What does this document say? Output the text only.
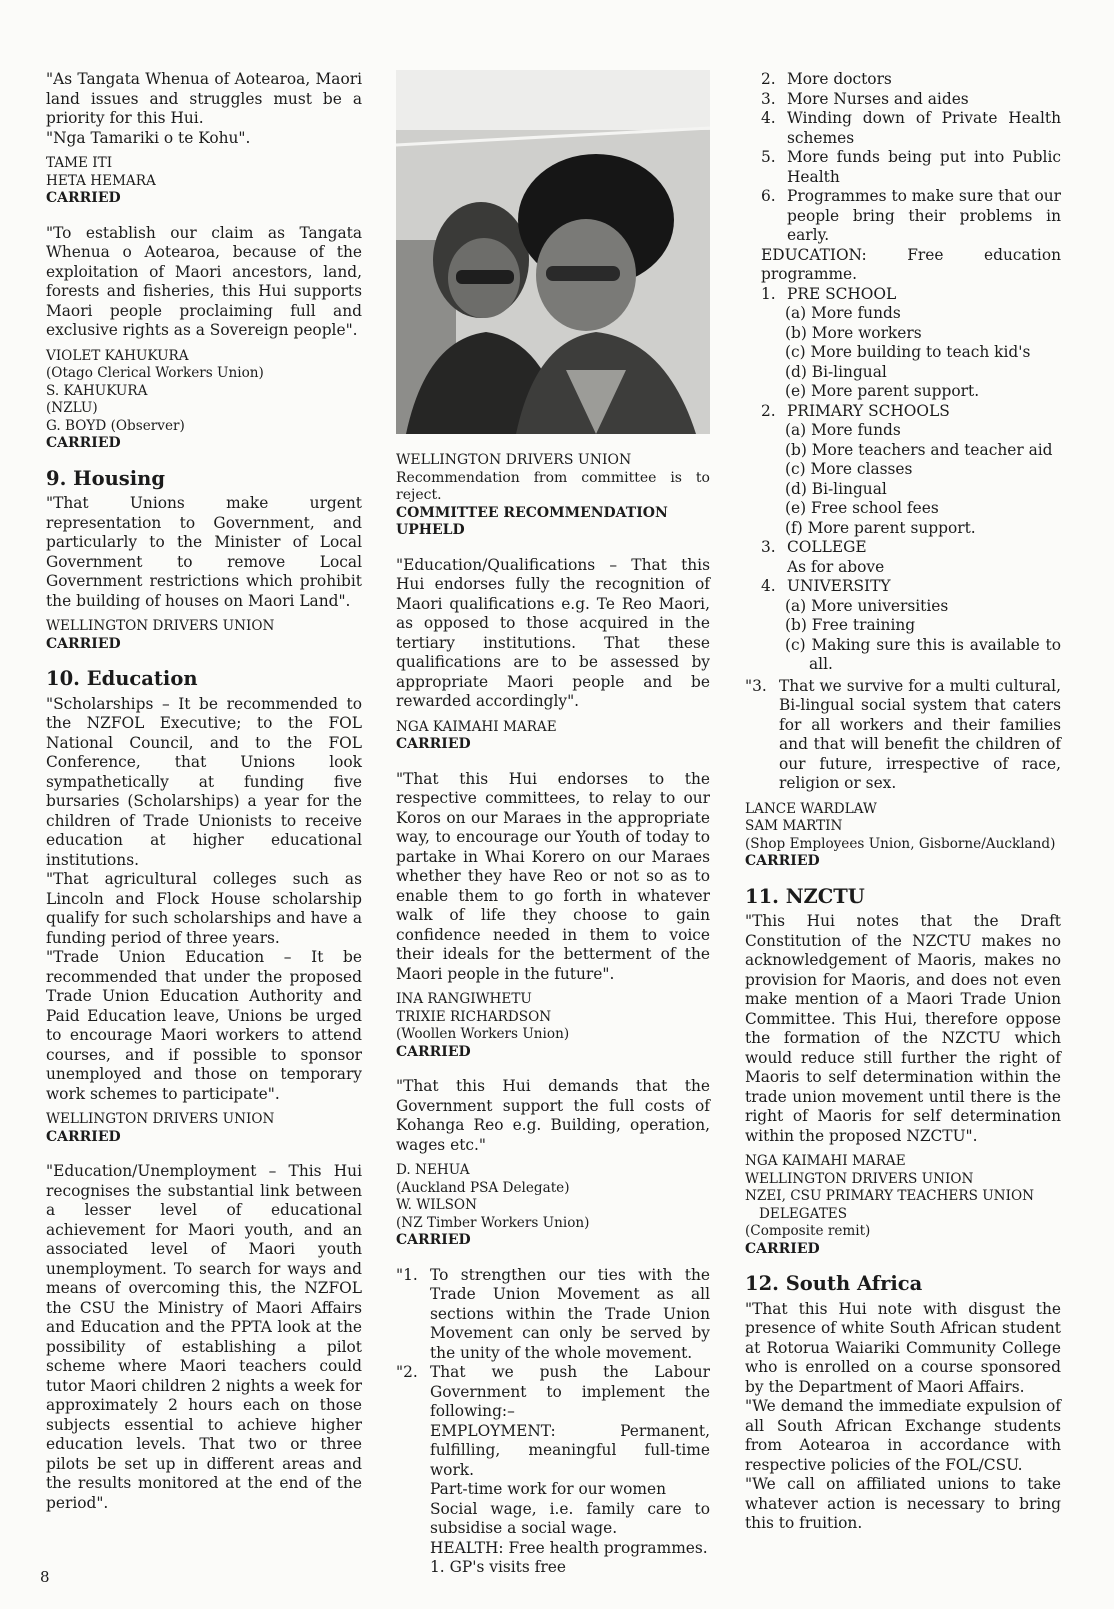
"As Tangata Whenua of Aotearoa, Maori land issues and struggles must be a priority for this Hui.

"Nga Tamariki o te Kohu".

TAME ITI
HETA HEMARA
CARRIED

"To establish our claim as Tangata Whenua o Aotearoa, because of the exploitation of Maori ancestors, land, forests and fisheries, this Hui supports Maori people proclaiming full and exclusive rights as a Sovereign people".

VIOLET KAHUKURA
(Otago Clerical Workers Union)
S. KAHUKURA
(NZLU)
G. BOYD (Observer)
CARRIED
9. Housing

"That Unions make urgent representation to Government, and particularly to the Minister of Local Government to remove Local Government restrictions which prohibit the building of houses on Maori Land".

WELLINGTON DRIVERS UNION
CARRIED
10. Education

"Scholarships – It be recommended to the NZFOL Executive; to the FOL National Council, and to the FOL Conference, that Unions look sympathetically at funding five bursaries (Scholarships) a year for the children of Trade Unionists to receive education at higher educational institutions.

"That agricultural colleges such as Lincoln and Flock House scholarship qualify for such scholarships and have a funding period of three years.

"Trade Union Education – It be recommended that under the proposed Trade Union Education Authority and Paid Education leave, Unions be urged to encourage Maori workers to attend courses, and if possible to sponsor unemployed and those on temporary work schemes to participate".

WELLINGTON DRIVERS UNION
CARRIED

"Education/Unemployment – This Hui recognises the substantial link between a lesser level of educational achievement for Maori youth, and an associated level of Maori youth unemployment. To search for ways and means of overcoming this, the NZFOL the CSU the Ministry of Maori Affairs and Education and the PPTA look at the possibility of establishing a pilot scheme where Maori teachers could tutor Maori children 2 nights a week for approximately 2 hours each on those subjects essential to achieve higher education levels. That two or three pilots be set up in different areas and the results monitored at the end of the period".

WELLINGTON DRIVERS UNION

Recommendation from committee is to reject.

COMMITTEE RECOMMENDATION UPHELD

"Education/Qualifications – That this Hui endorses fully the recognition of Maori qualifications e.g. Te Reo Maori, as opposed to those acquired in the tertiary institutions. That these qualifications are to be assessed by appropriate Maori people and be rewarded accordingly".

NGA KAIMAHI MARAE
CARRIED

"That this Hui endorses to the respective committees, to relay to our Koros on our Maraes in the appropriate way, to encourage our Youth of today to partake in Whai Korero on our Maraes whether they have Reo or not so as to enable them to go forth in whatever walk of life they choose to gain confidence needed in them to voice their ideals for the betterment of the Maori people in the future".

INA RANGIWHETU
TRIXIE RICHARDSON
(Woollen Workers Union)
CARRIED

"That this Hui demands that the Government support the full costs of Kohanga Reo e.g. Building, operation, wages etc."

D. NEHUA
(Auckland PSA Delegate)
W. WILSON
(NZ Timber Workers Union)
CARRIED
"1. To strengthen our ties with the Trade Union Movement as all sections within the Trade Union Movement can only be served by the unity of the whole movement.
"2. That we push the Labour Government to implement the following:–
EMPLOYMENT: Permanent, fulfilling, meaningful full-time work.
Part-time work for our women
Social wage, i.e. family care to subsidise a social wage.
HEALTH: Free health programmes.
1. GP's visits free
2. More doctors
3. More Nurses and aides
4. Winding down of Private Health schemes
5. More funds being put into Public Health
6. Programmes to make sure that our people bring their problems in early.

EDUCATION: Free education programme.

1. PRE SCHOOL
(a) More funds
(b) More workers
(c) More building to teach kid's
(d) Bi-lingual
(e) More parent support.
2. PRIMARY SCHOOLS
(a) More funds
(b) More teachers and teacher aid
(c) More classes
(d) Bi-lingual
(e) Free school fees
(f) More parent support.
3. COLLEGE
As for above
4. UNIVERSITY
(a) More universities
(b) Free training
(c) Making sure this is available to all.
"3. That we survive for a multi cultural, Bi-lingual social system that caters for all workers and their families and that will benefit the children of our future, irrespective of race, religion or sex.
LANCE WARDLAW
SAM MARTIN
(Shop Employees Union, Gisborne/Auckland)
CARRIED
11. NZCTU

"This Hui notes that the Draft Constitution of the NZCTU makes no acknowledgement of Maoris, makes no provision for Maoris, and does not even make mention of a Maori Trade Union Committee. This Hui, therefore oppose the formation of the NZCTU which would reduce still further the right of Maoris to self determination within the trade union movement until there is the right of Maoris for self determination within the proposed NZCTU".

NGA KAIMAHI MARAE
WELLINGTON DRIVERS UNION
NZEI, CSU PRIMARY TEACHERS UNION
DELEGATES
(Composite remit)
CARRIED
12. South Africa

"That this Hui note with disgust the presence of white South African student at Rotorua Waiariki Community College who is enrolled on a course sponsored by the Department of Maori Affairs.

"We demand the immediate expulsion of all South African Exchange students from Aotearoa in accordance with respective policies of the FOL/CSU.

"We call on affiliated unions to take whatever action is necessary to bring this to fruition.

8
